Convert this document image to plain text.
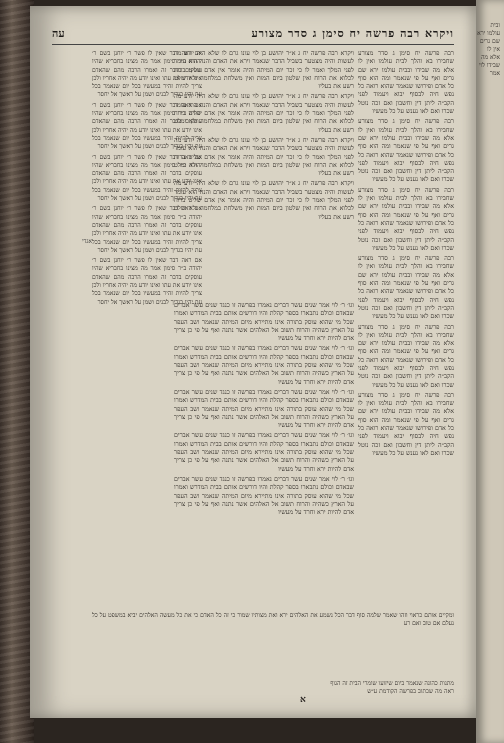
ויקרא רבה פרשה יח סימן ג סדר מצורע
עה

רבה פרשה יח סימן ג סדר מצורע שחבירו בא והלך לבית עולמו ואין לו אלא מה שבידו ובבית עולמו ירא שם גרים ואף על פי שנאמר ומה הוא סוף כל אדם ופירושו שנאמר שהוא רואה כל נפש חיה לבסוף יבוא ויעמוד לפני הקב״ה ליתן דין וחשבון ואם זכה נוטל שכרו ואם לאו נענש על כל מעשיו

רבה פרשה יח סימן ג סדר מצורע שחבירו בא והלך לבית עולמו ואין לו אלא מה שבידו ובבית עולמו ירא שם גרים ואף על פי שנאמר ומה הוא סוף כל אדם ופירושו שנאמר שהוא רואה כל נפש חיה לבסוף יבוא ויעמוד לפני הקב״ה ליתן דין וחשבון ואם זכה נוטל שכרו ואם לאו נענש על כל מעשיו

רבה פרשה יח סימן ג סדר מצורע שחבירו בא והלך לבית עולמו ואין לו אלא מה שבידו ובבית עולמו ירא שם גרים ואף על פי שנאמר ומה הוא סוף כל אדם ופירושו שנאמר שהוא רואה כל נפש חיה לבסוף יבוא ויעמוד לפני הקב״ה ליתן דין וחשבון ואם זכה נוטל שכרו ואם לאו נענש על כל מעשיו

רבה פרשה יח סימן ג סדר מצורע שחבירו בא והלך לבית עולמו ואין לו אלא מה שבידו ובבית עולמו ירא שם גרים ואף על פי שנאמר ומה הוא סוף כל אדם ופירושו שנאמר שהוא רואה כל נפש חיה לבסוף יבוא ויעמוד לפני הקב״ה ליתן דין וחשבון ואם זכה נוטל שכרו ואם לאו נענש על כל מעשיו

רבה פרשה יח סימן ג סדר מצורע שחבירו בא והלך לבית עולמו ואין לו אלא מה שבידו ובבית עולמו ירא שם גרים ואף על פי שנאמר ומה הוא סוף כל אדם ופירושו שנאמר שהוא רואה כל נפש חיה לבסוף יבוא ויעמוד לפני הקב״ה ליתן דין וחשבון ואם זכה נוטל שכרו ואם לאו נענש על כל מעשיו

רבה פרשה יח סימן ג סדר מצורע שחבירו בא והלך לבית עולמו ואין לו אלא מה שבידו ובבית עולמו ירא שם גרים ואף על פי שנאמר ומה הוא סוף כל אדם ופירושו שנאמר שהוא רואה כל נפש חיה לבסוף יבוא ויעמוד לפני הקב״ה ליתן דין וחשבון ואם זכה נוטל שכרו ואם לאו נענש על כל מעשיו

ויקרא רבה פרשה יח ג א״ר יהושע בן לוי עונו גרם לו שלא היה יודע מה לעשות והיה מצטער בשביל הדבר שנאמר וירא את האדם והנה הוא עומד לפני המלך ואמר לו כי זכר יום המיתה והיה אומר אין אדם שליט ברוח לכלוא את הרוח ואין שלטון ביום המות ואין משלחת במלחמה ולא ימלט רשע את בעליו

ויקרא רבה פרשה יח ג א״ר יהושע בן לוי עונו גרם לו שלא היה יודע מה לעשות והיה מצטער בשביל הדבר שנאמר וירא את האדם והנה הוא עומד לפני המלך ואמר לו כי זכר יום המיתה והיה אומר אין אדם שליט ברוח לכלוא את הרוח ואין שלטון ביום המות ואין משלחת במלחמה ולא ימלט רשע את בעליו

ויקרא רבה פרשה יח ג א״ר יהושע בן לוי עונו גרם לו שלא היה יודע מה לעשות והיה מצטער בשביל הדבר שנאמר וירא את האדם והנה הוא עומד לפני המלך ואמר לו כי זכר יום המיתה והיה אומר אין אדם שליט ברוח לכלוא את הרוח ואין שלטון ביום המות ואין משלחת במלחמה ולא ימלט רשע את בעליו

ויקרא רבה פרשה יח ג א״ר יהושע בן לוי עונו גרם לו שלא היה יודע מה לעשות והיה מצטער בשביל הדבר שנאמר וירא את האדם והנה הוא עומד לפני המלך ואמר לו כי זכר יום המיתה והיה אומר אין אדם שליט ברוח לכלוא את הרוח ואין שלטון ביום המות ואין משלחת במלחמה ולא ימלט רשע את בעליו

וגו׳ ר׳ לוי אמר שנים עשר דברים נאמרו בפרשה זו כנגד שנים עשר אברים שבאדם וכולם נתבארו בספר קהלת והיו דורשים אותם בבית המדרש ואמרו שכל מי שהוא עוסק בתורה אינו מתיירא מיום המיתה שנאמר ושב העפר על הארץ כשהיה והרוח תשוב אל האלהים אשר נתנה ואף על פי כן צריך אדם להיות ירא וחרד על מעשיו

וגו׳ ר׳ לוי אמר שנים עשר דברים נאמרו בפרשה זו כנגד שנים עשר אברים שבאדם וכולם נתבארו בספר קהלת והיו דורשים אותם בבית המדרש ואמרו שכל מי שהוא עוסק בתורה אינו מתיירא מיום המיתה שנאמר ושב העפר על הארץ כשהיה והרוח תשוב אל האלהים אשר נתנה ואף על פי כן צריך אדם להיות ירא וחרד על מעשיו

וגו׳ ר׳ לוי אמר שנים עשר דברים נאמרו בפרשה זו כנגד שנים עשר אברים שבאדם וכולם נתבארו בספר קהלת והיו דורשים אותם בבית המדרש ואמרו שכל מי שהוא עוסק בתורה אינו מתיירא מיום המיתה שנאמר ושב העפר על הארץ כשהיה והרוח תשוב אל האלהים אשר נתנה ואף על פי כן צריך אדם להיות ירא וחרד על מעשיו

וגו׳ ר׳ לוי אמר שנים עשר דברים נאמרו בפרשה זו כנגד שנים עשר אברים שבאדם וכולם נתבארו בספר קהלת והיו דורשים אותם בבית המדרש ואמרו שכל מי שהוא עוסק בתורה אינו מתיירא מיום המיתה שנאמר ושב העפר על הארץ כשהיה והרוח תשוב אל האלהים אשר נתנה ואף על פי כן צריך אדם להיות ירא וחרד על מעשיו

וגו׳ ר׳ לוי אמר שנים עשר דברים נאמרו בפרשה זו כנגד שנים עשר אברים שבאדם וכולם נתבארו בספר קהלת והיו דורשים אותם בבית המדרש ואמרו שכל מי שהוא עוסק בתורה אינו מתיירא מיום המיתה שנאמר ושב העפר על הארץ כשהיה והרוח תשוב אל האלהים אשר נתנה ואף על פי כן צריך אדם להיות ירא וחרד על מעשיו

אם ראה דבר שאין לו פשר ר׳ יוחנן בשם ר׳ יהודה ב״ר סימון אמר מה מצינו בחבריא שהיו עוסקים בדבר זה ואמרו הרבה מהם שהאדם אינו יודע את עתו ואינו יודע מה יהיה אחריו ולכן צריך להיות זהיר במעשיו בכל יום שנאמר בכל עת יהיו בגדיך לבנים ושמן על ראשך אל יחסר

אם ראה דבר שאין לו פשר ר׳ יוחנן בשם ר׳ יהודה ב״ר סימון אמר מה מצינו בחבריא שהיו עוסקים בדבר זה ואמרו הרבה מהם שהאדם אינו יודע את עתו ואינו יודע מה יהיה אחריו ולכן צריך להיות זהיר במעשיו בכל יום שנאמר בכל עת יהיו בגדיך לבנים ושמן על ראשך אל יחסר

אם ראה דבר שאין לו פשר ר׳ יוחנן בשם ר׳ יהודה ב״ר סימון אמר מה מצינו בחבריא שהיו עוסקים בדבר זה ואמרו הרבה מהם שהאדם אינו יודע את עתו ואינו יודע מה יהיה אחריו ולכן צריך להיות זהיר במעשיו בכל יום שנאמר בכל עת יהיו בגדיך לבנים ושמן על ראשך אל יחסר

אם ראה דבר שאין לו פשר ר׳ יוחנן בשם ר׳ יהודה ב״ר סימון אמר מה מצינו בחבריא שהיו עוסקים בדבר זה ואמרו הרבה מהם שהאדם אינו יודע את עתו ואינו יודע מה יהיה אחריו ולכן צריך להיות זהיר במעשיו בכל יום שנאמר בכל עת יהיו בגדיך לבנים ושמן על ראשך אל יחסר

אם ראה דבר שאין לו פשר ר׳ יוחנן בשם ר׳ יהודה ב״ר סימון אמר מה מצינו בחבריא שהיו עוסקים בדבר זה ואמרו הרבה מהם שהאדם אינו יודע את עתו ואינו יודע מה יהיה אחריו ולכן צריך להיות זהיר במעשיו בכל יום שנאמר בכל עת יהיו בגדיך לבנים ושמן על ראשך אל יחסר

אגדי
ומקיים אותם כראוי וזהו שאמר שלמה סוף דבר הכל נשמע את האלהים ירא ואת מצותיו שמור כי זה כל האדם כי את כל מעשה האלהים יביא במשפט על כל נעלם אם טוב ואם רע
מתנות כהונה שנאמר ביום שיזועו שומרי הבית זה הגוף
ראה מה שכתוב בפרשה הקודמת ע״ש
א
ובית עולמו ירא שם גרים אין לו אלא מה שבידו לוי אמר
